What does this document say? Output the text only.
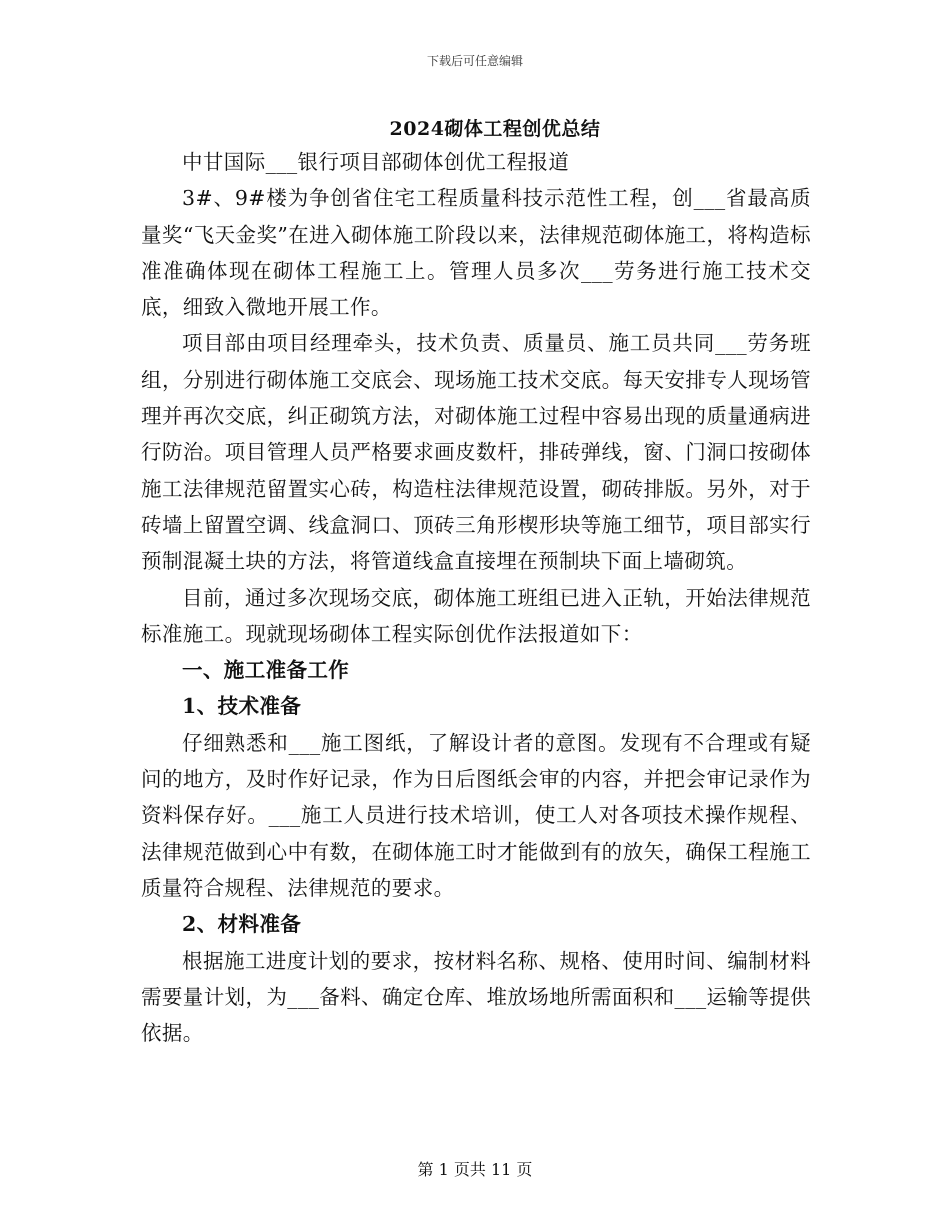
下载后可任意编辑
2024砌体工程创优总结

中甘国际___银行项目部砌体创优工程报道

3#、9#楼为争创省住宅工程质量科技示范性工程，创___省最高质量奖“飞天金奖”在进入砌体施工阶段以来，法律规范砌体施工，将构造标准准确体现在砌体工程施工上。管理人员多次___劳务进行施工技术交底，细致入微地开展工作。

项目部由项目经理牵头，技术负责、质量员、施工员共同___劳务班组，分别进行砌体施工交底会、现场施工技术交底。每天安排专人现场管理并再次交底，纠正砌筑方法，对砌体施工过程中容易出现的质量通病进行防治。项目管理人员严格要求画皮数杆，排砖弹线，窗、门洞口按砌体施工法律规范留置实心砖，构造柱法律规范设置，砌砖排版。另外，对于砖墙上留置空调、线盒洞口、顶砖三角形楔形块等施工细节，项目部实行预制混凝土块的方法，将管道线盒直接埋在预制块下面上墙砌筑。

目前，通过多次现场交底，砌体施工班组已进入正轨，开始法律规范标准施工。现就现场砌体工程实际创优作法报道如下：

一、施工准备工作

1、技术准备

仔细熟悉和___施工图纸，了解设计者的意图。发现有不合理或有疑问的地方，及时作好记录，作为日后图纸会审的内容，并把会审记录作为资料保存好。___施工人员进行技术培训，使工人对各项技术操作规程、法律规范做到心中有数，在砌体施工时才能做到有的放矢，确保工程施工质量符合规程、法律规范的要求。

2、材料准备

根据施工进度计划的要求，按材料名称、规格、使用时间、编制材料需要量计划，为___备料、确定仓库、堆放场地所需面积和___运输等提供依据。

第 1 页共 11 页
